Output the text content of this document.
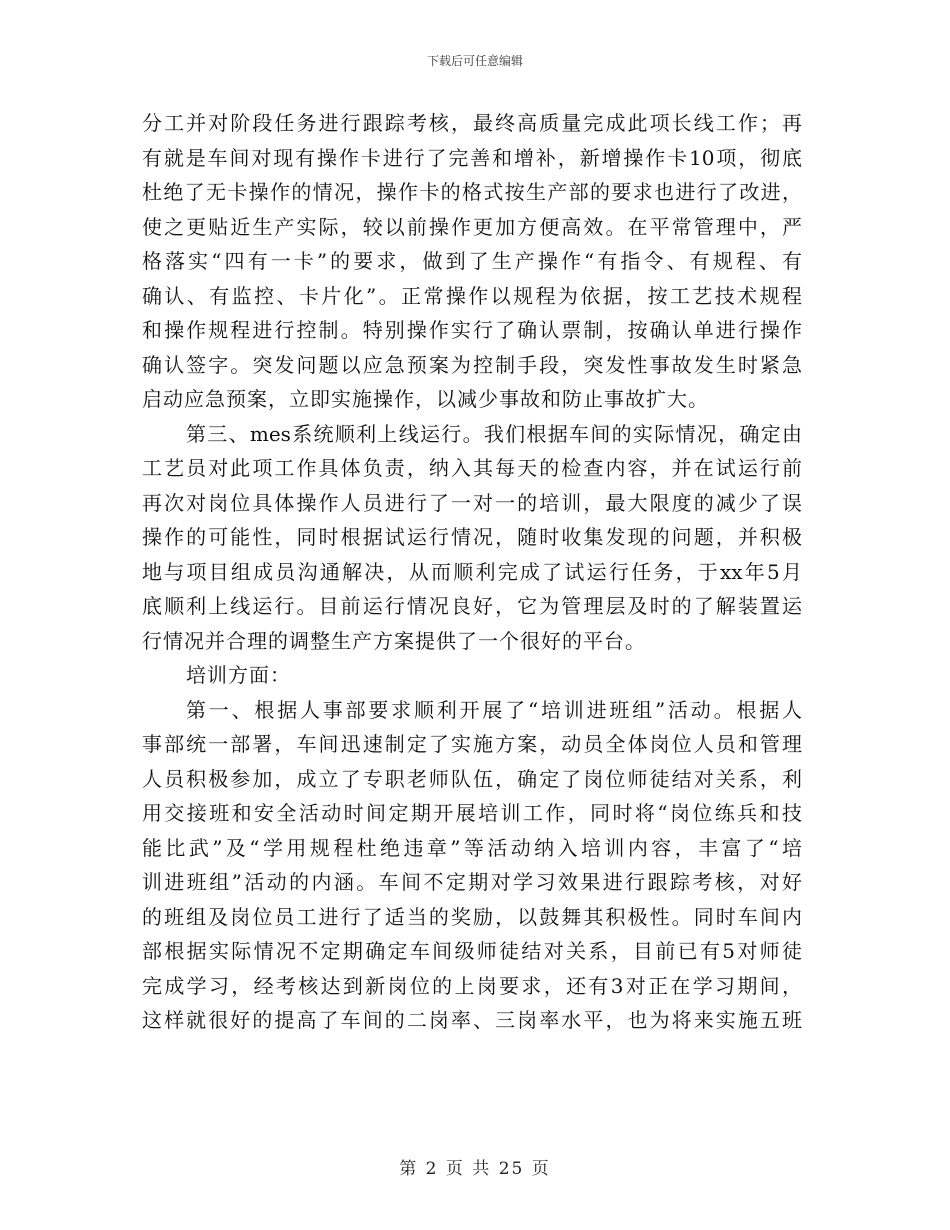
下载后可任意编辑
分工并对阶段任务进行跟踪考核，最终高质量完成此项长线工作；再
有就是车间对现有操作卡进行了完善和增补，新增操作卡10项，彻底
杜绝了无卡操作的情况，操作卡的格式按生产部的要求也进行了改进，
使之更贴近生产实际，较以前操作更加方便高效。在平常管理中，严
格落实“四有一卡”的要求，做到了生产操作“有指令、有规程、有
确认、有监控、卡片化”。正常操作以规程为依据，按工艺技术规程
和操作规程进行控制。特别操作实行了确认票制，按确认单进行操作
确认签字。突发问题以应急预案为控制手段，突发性事故发生时紧急
启动应急预案，立即实施操作，以减少事故和防止事故扩大。
第三、mes系统顺利上线运行。我们根据车间的实际情况，确定由
工艺员对此项工作具体负责，纳入其每天的检查内容，并在试运行前
再次对岗位具体操作人员进行了一对一的培训，最大限度的减少了误
操作的可能性，同时根据试运行情况，随时收集发现的问题，并积极
地与项目组成员沟通解决，从而顺利完成了试运行任务，于xx年5月
底顺利上线运行。目前运行情况良好，它为管理层及时的了解装置运
行情况并合理的调整生产方案提供了一个很好的平台。
培训方面：
第一、根据人事部要求顺利开展了“培训进班组”活动。根据人
事部统一部署，车间迅速制定了实施方案，动员全体岗位人员和管理
人员积极参加，成立了专职老师队伍，确定了岗位师徒结对关系，利
用交接班和安全活动时间定期开展培训工作，同时将“岗位练兵和技
能比武”及“学用规程杜绝违章”等活动纳入培训内容，丰富了“培
训进班组”活动的内涵。车间不定期对学习效果进行跟踪考核，对好
的班组及岗位员工进行了适当的奖励，以鼓舞其积极性。同时车间内
部根据实际情况不定期确定车间级师徒结对关系，目前已有5对师徒
完成学习，经考核达到新岗位的上岗要求，还有3对正在学习期间，
这样就很好的提高了车间的二岗率、三岗率水平，也为将来实施五班
第 2 页 共 25 页
